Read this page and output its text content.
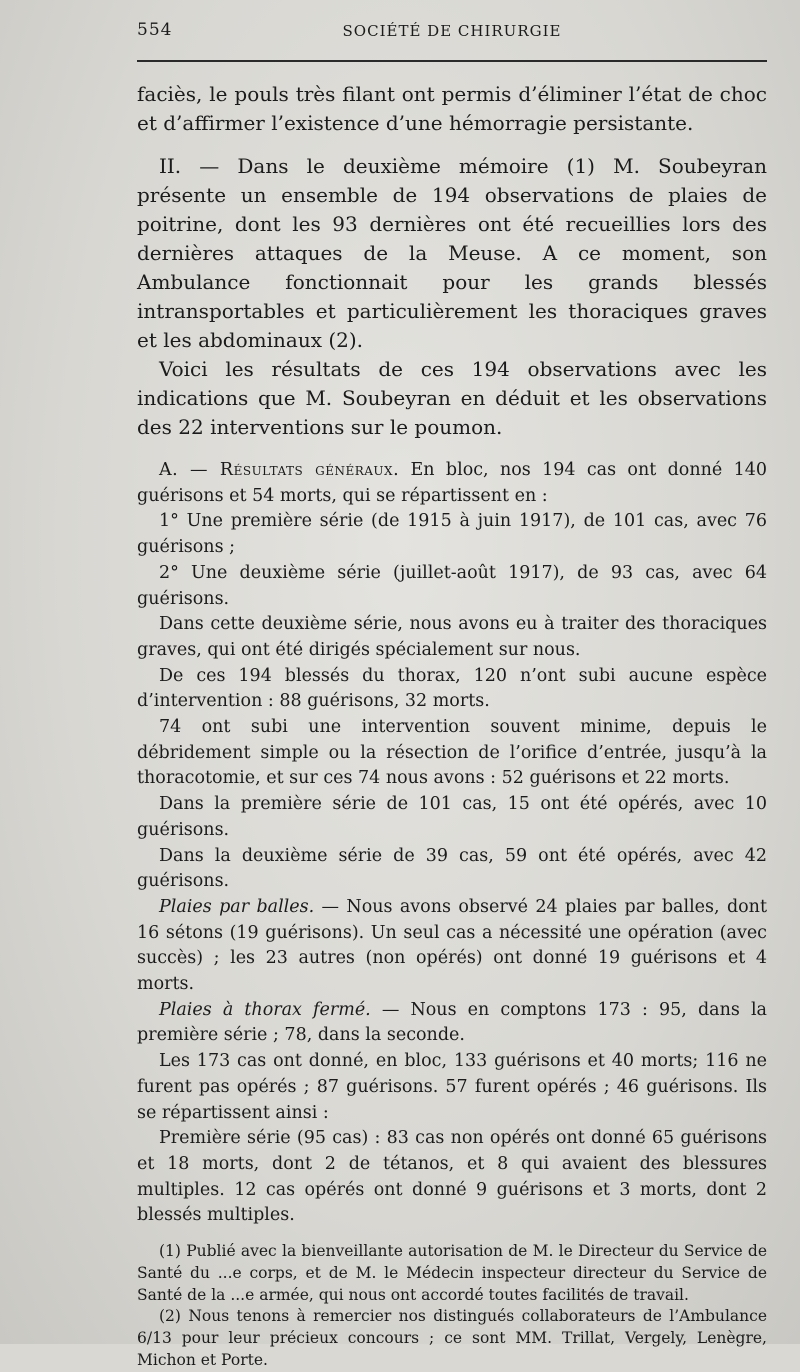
554	SOCIÉTÉ DE CHIRURGIE

faciès, le pouls très filant ont permis d’éliminer l’état de choc et d’affirmer l’existence d’une hémorragie persistante.

II. — Dans le deuxième mémoire (1) M. Soubeyran présente un ensemble de 194 observations de plaies de poitrine, dont les 93 dernières ont été recueillies lors des dernières attaques de la Meuse. A ce moment, son Ambulance fonctionnait pour les grands blessés intransportables et particulièrement les thoraciques graves et les abdominaux (2).

Voici les résultats de ces 194 observations avec les indications que M. Soubeyran en déduit et les observations des 22 interventions sur le poumon.

A. — Résultats généraux. En bloc, nos 194 cas ont donné 140 guérisons et 54 morts, qui se répartissent en :

1° Une première série (de 1915 à juin 1917), de 101 cas, avec 76 guérisons ;

2° Une deuxième série (juillet-août 1917), de 93 cas, avec 64 guérisons.

Dans cette deuxième série, nous avons eu à traiter des thoraciques graves, qui ont été dirigés spécialement sur nous.

De ces 194 blessés du thorax, 120 n’ont subi aucune espèce d’intervention : 88 guérisons, 32 morts.

74 ont subi une intervention souvent minime, depuis le débridement simple ou la résection de l’orifice d’entrée, jusqu’à la thoracotomie, et sur ces 74 nous avons : 52 guérisons et 22 morts.

Dans la première série de 101 cas, 15 ont été opérés, avec 10 guérisons.

Dans la deuxième série de 39 cas, 59 ont été opérés, avec 42 guérisons.

Plaies par balles. — Nous avons observé 24 plaies par balles, dont 16 sétons (19 guérisons). Un seul cas a nécessité une opération (avec succès) ; les 23 autres (non opérés) ont donné 19 guérisons et 4 morts.

Plaies à thorax fermé. — Nous en comptons 173 : 95, dans la première série ; 78, dans la seconde.

Les 173 cas ont donné, en bloc, 133 guérisons et 40 morts; 116 ne furent pas opérés ; 87 guérisons. 57 furent opérés ; 46 guérisons. Ils se répartissent ainsi :

Première série (95 cas) : 83 cas non opérés ont donné 65 guérisons et 18 morts, dont 2 de tétanos, et 8 qui avaient des blessures multiples. 12 cas opérés ont donné 9 guérisons et 3 morts, dont 2 blessés multiples.

(1) Publié avec la bienveillante autorisation de M. le Directeur du Service de Santé du ...e corps, et de M. le Médecin inspecteur directeur du Service de Santé de la ...e armée, qui nous ont accordé toutes facilités de travail.

(2) Nous tenons à remercier nos distingués collaborateurs de l’Ambulance 6/13 pour leur précieux concours ; ce sont MM. Trillat, Vergely, Lenègre, Michon et Porte.
